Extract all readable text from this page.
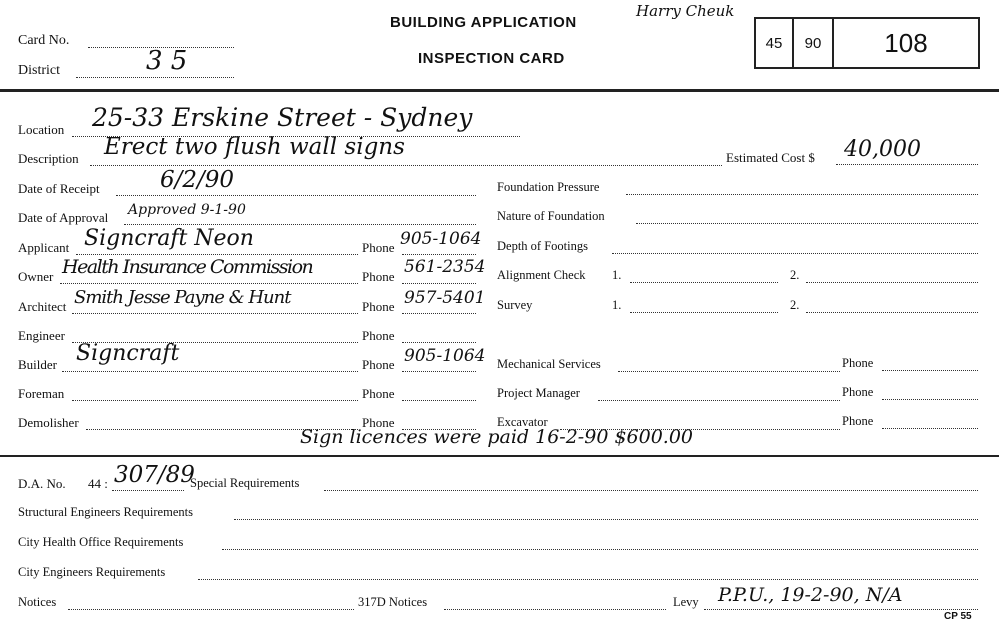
Card No.
District	3 5
BUILDING APPLICATION
INSPECTION CARD
Harry Cheuk
45	90	108
Location 25-33 Erskine Street - Sydney
Description Erect two flush wall signs	Estimated Cost $ 40,000
Date of Receipt	6/2/90
Date of Approval Approved 9-1-90
Applicant Signcraft Neon	Phone 905-1064
Owner Health Insurance Commission	Phone 561-2354
Architect Smith Jesse Payne & Hunt	Phone 957-5401
Engineer	Phone
Builder Signcraft	Phone 905-1064
Foreman	Phone
Demolisher	Phone
Foundation Pressure
Nature of Foundation
Depth of Footings
Alignment Check 1.	2.
Survey	1.	2.
Mechanical Services	Phone
Project Manager	Phone
Excavator	Phone
Sign licences were paid 16-2-90 $600.00
D.A. No. 44 : 307/89
Special Requirements
Structural Engineers Requirements
City Health Office Requirements
City Engineers Requirements
Notices	317D Notices	Levy P.P.U., 19-2-90, N/A
CP 55
